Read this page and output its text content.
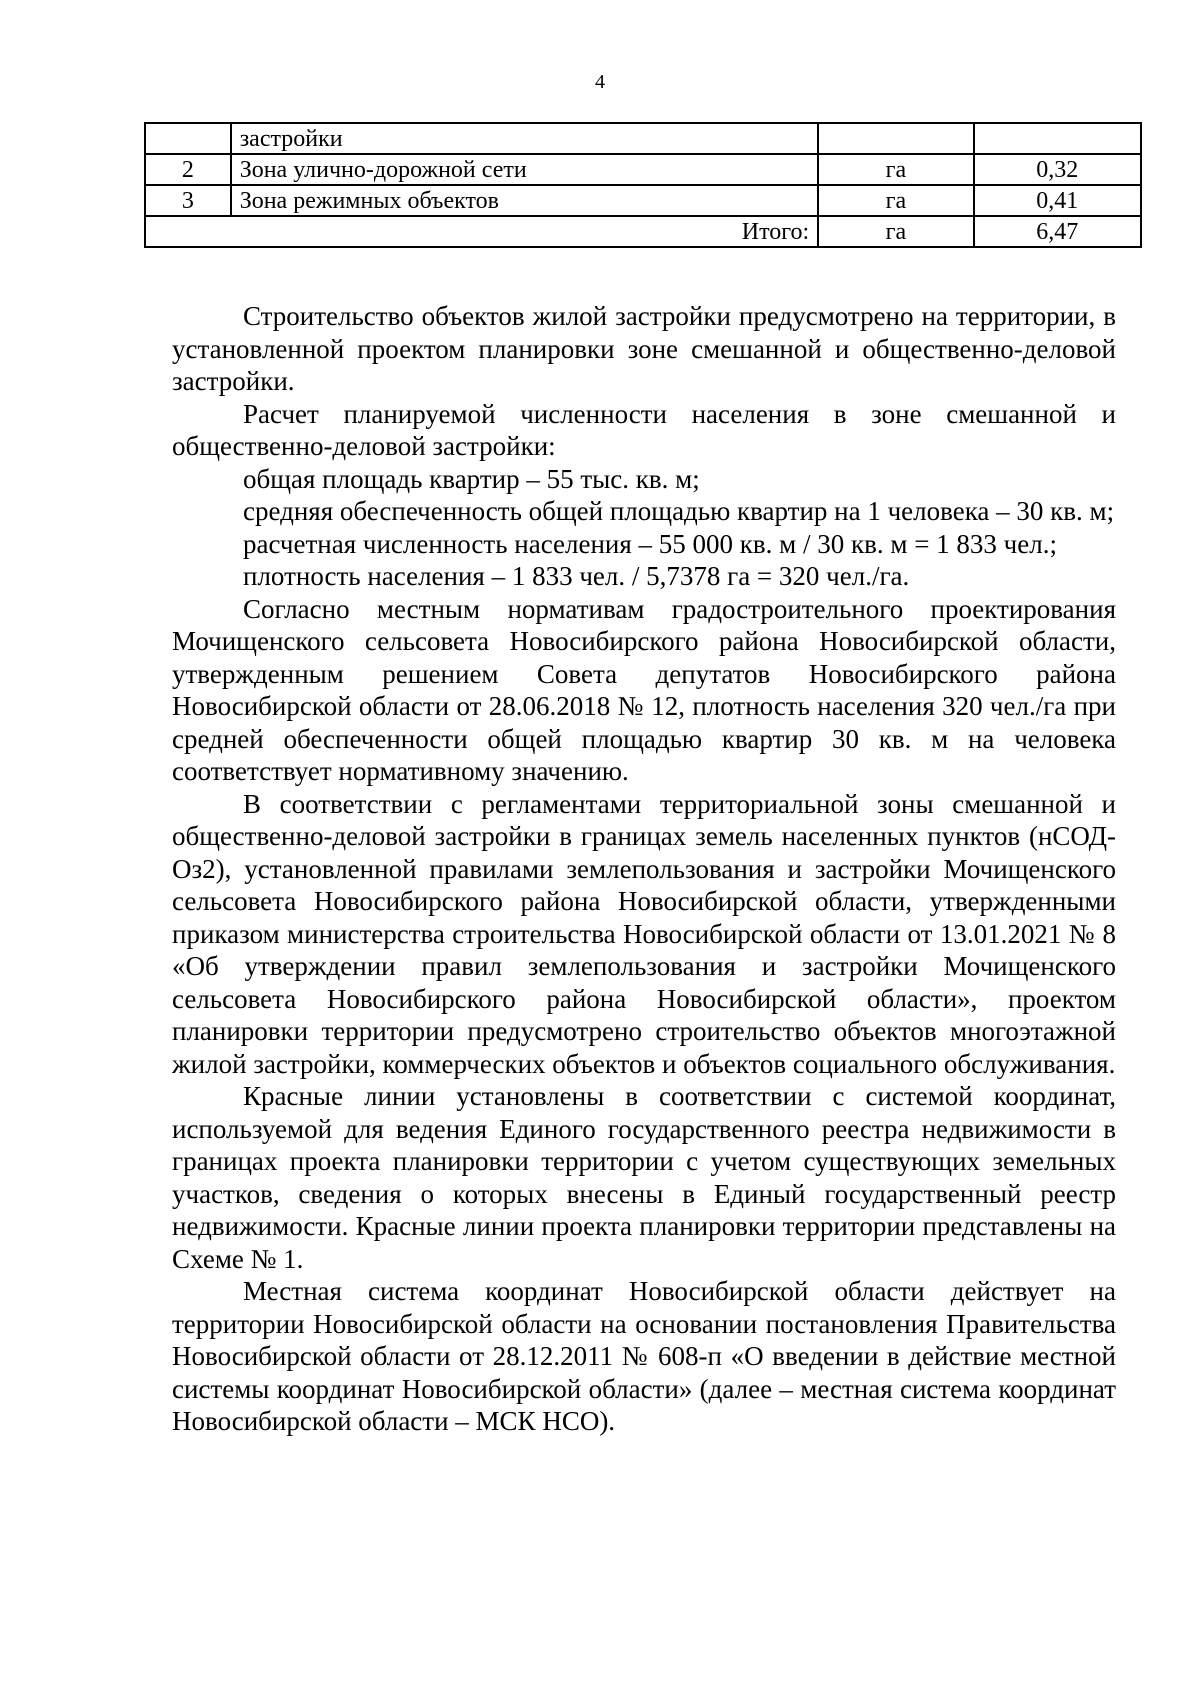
4
	застройки		
2	Зона улично-дорожной сети	га	0,32
3	Зона режимных объектов	га	0,41
Итого:		га	6,47

Строительство объектов жилой застройки предусмотрено на территории, в установленной проектом планировки зоне смешанной и общественно-деловой застройки.

Расчет планируемой численности населения в зоне смешанной и общественно-деловой застройки:

общая площадь квартир – 55 тыс. кв. м;

средняя обеспеченность общей площадью квартир на 1 человека – 30 кв. м;

расчетная численность населения – 55 000 кв. м / 30 кв. м = 1 833 чел.;

плотность населения – 1 833 чел. / 5,7378 га = 320 чел./га.

Согласно местным нормативам градостроительного проектирования Мочищенского сельсовета Новосибирского района Новосибирской области, утвержденным решением Совета депутатов Новосибирского района Новосибирской области от 28.06.2018 № 12, плотность населения 320 чел./га при средней обеспеченности общей площадью квартир 30 кв. м на человека соответствует нормативному значению.

В соответствии с регламентами территориальной зоны смешанной и общественно-деловой застройки в границах земель населенных пунктов (нСОД-Оз2), установленной правилами землепользования и застройки Мочищенского сельсовета Новосибирского района Новосибирской области, утвержденными приказом министерства строительства Новосибирской области от 13.01.2021 № 8 «Об утверждении правил землепользования и застройки Мочищенского сельсовета Новосибирского района Новосибирской области», проектом планировки территории предусмотрено строительство объектов многоэтажной жилой застройки, коммерческих объектов и объектов социального обслуживания.

Красные линии установлены в соответствии с системой координат, используемой для ведения Единого государственного реестра недвижимости в границах проекта планировки территории с учетом существующих земельных участков, сведения о которых внесены в Единый государственный реестр недвижимости. Красные линии проекта планировки территории представлены на Схеме № 1.

Местная система координат Новосибирской области действует на территории Новосибирской области на основании постановления Правительства Новосибирской области от 28.12.2011 № 608-п «О введении в действие местной системы координат Новосибирской области» (далее – местная система координат Новосибирской области – МСК НСО).
